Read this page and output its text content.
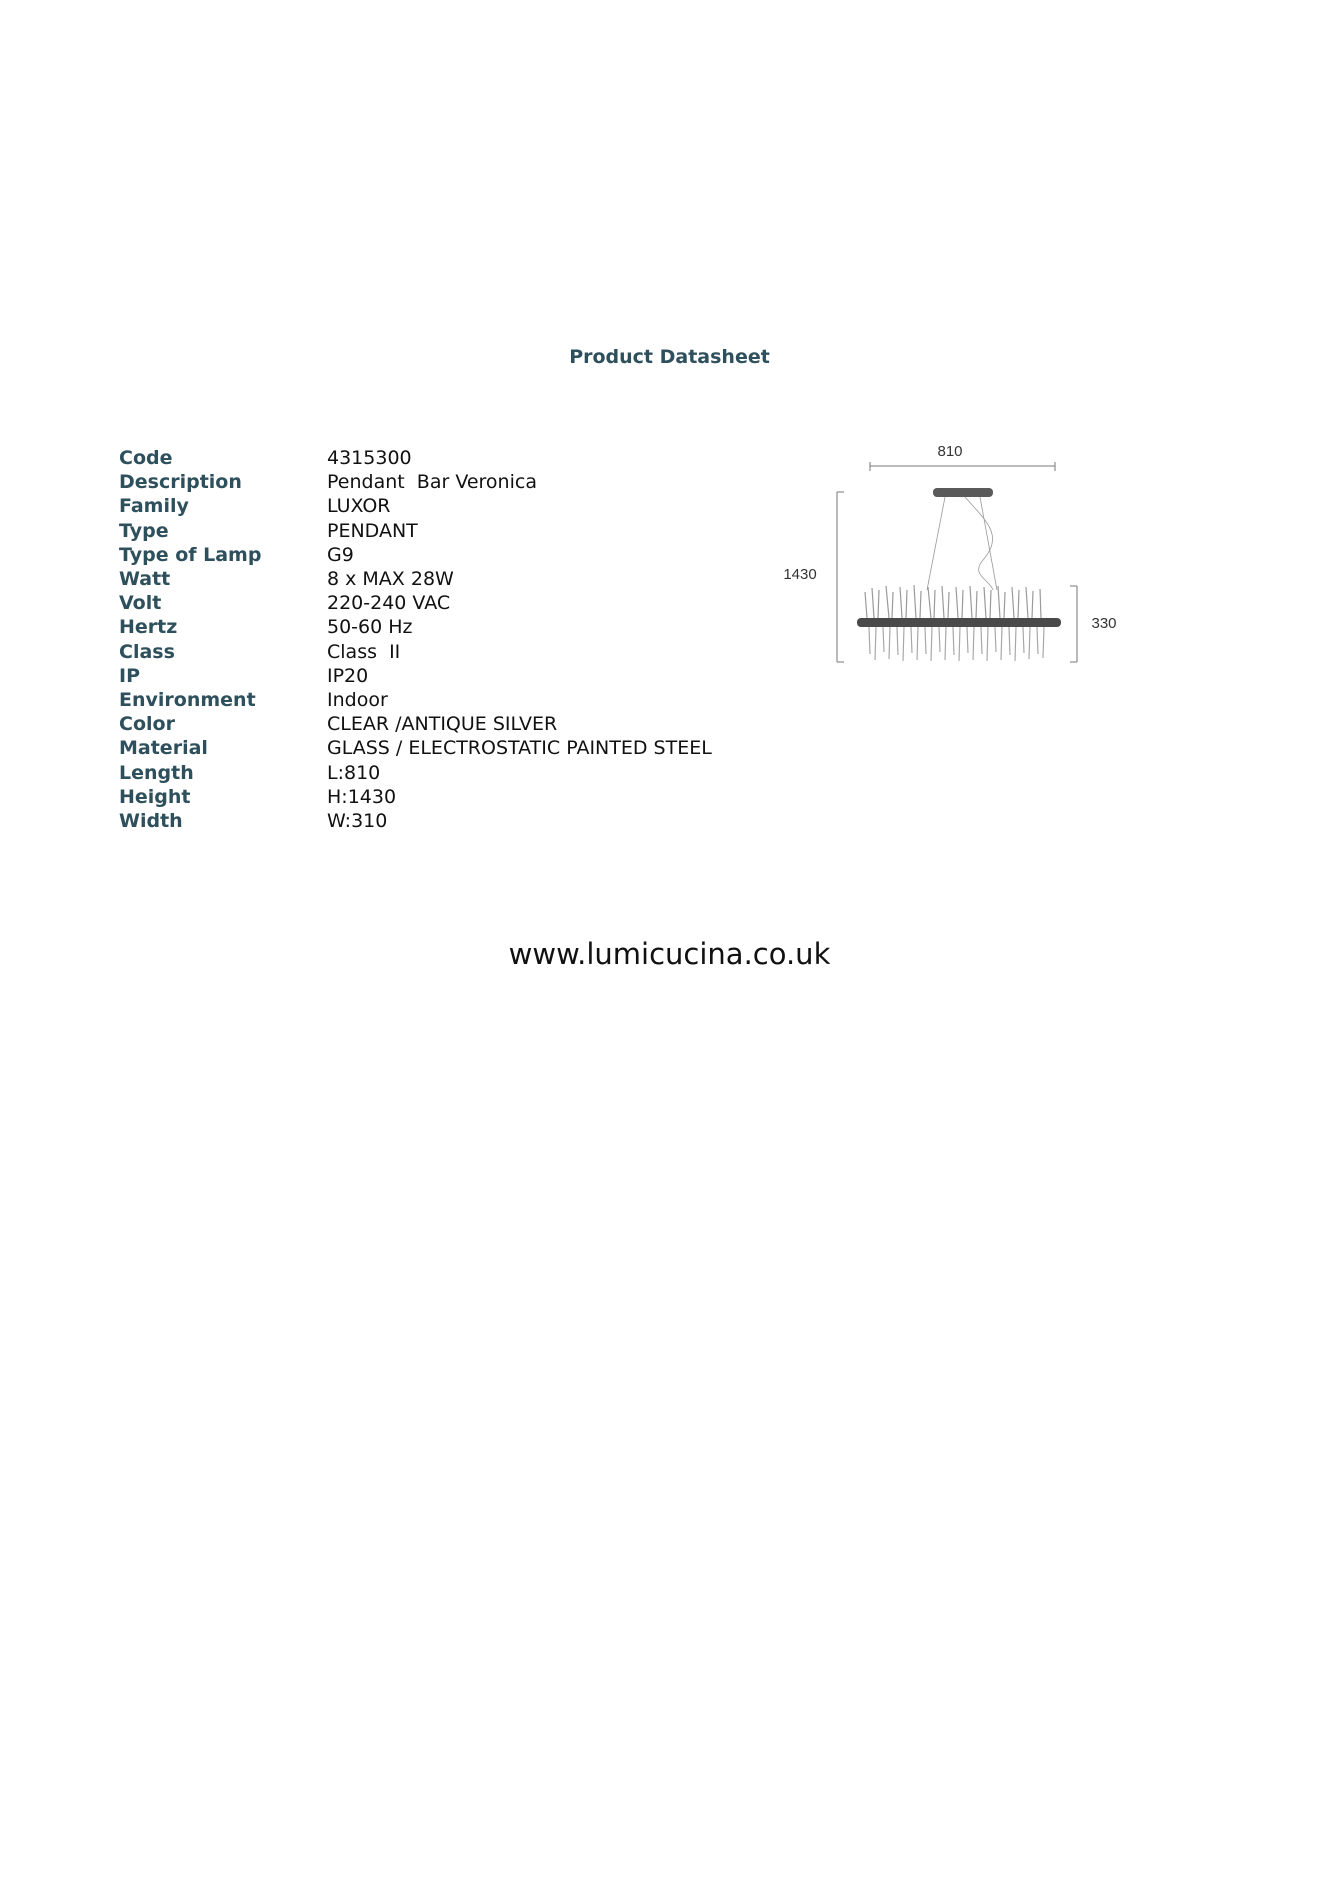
Product Datasheet
Code	4315300
Description	Pendant  Bar Veronica
Family	LUXOR
Type	PENDANT
Type of Lamp	G9
Watt	8 x MAX 28W
Volt	220-240 VAC
Hertz	50-60 Hz
Class	Class  II
IP	IP20
Environment	Indoor
Color	CLEAR /ANTIQUE SILVER
Material	GLASS / ELECTROSTATIC PAINTED STEEL
Length	L:810
Height	H:1430
Width	W:310
810
1430
330
www.lumicucina.co.uk
